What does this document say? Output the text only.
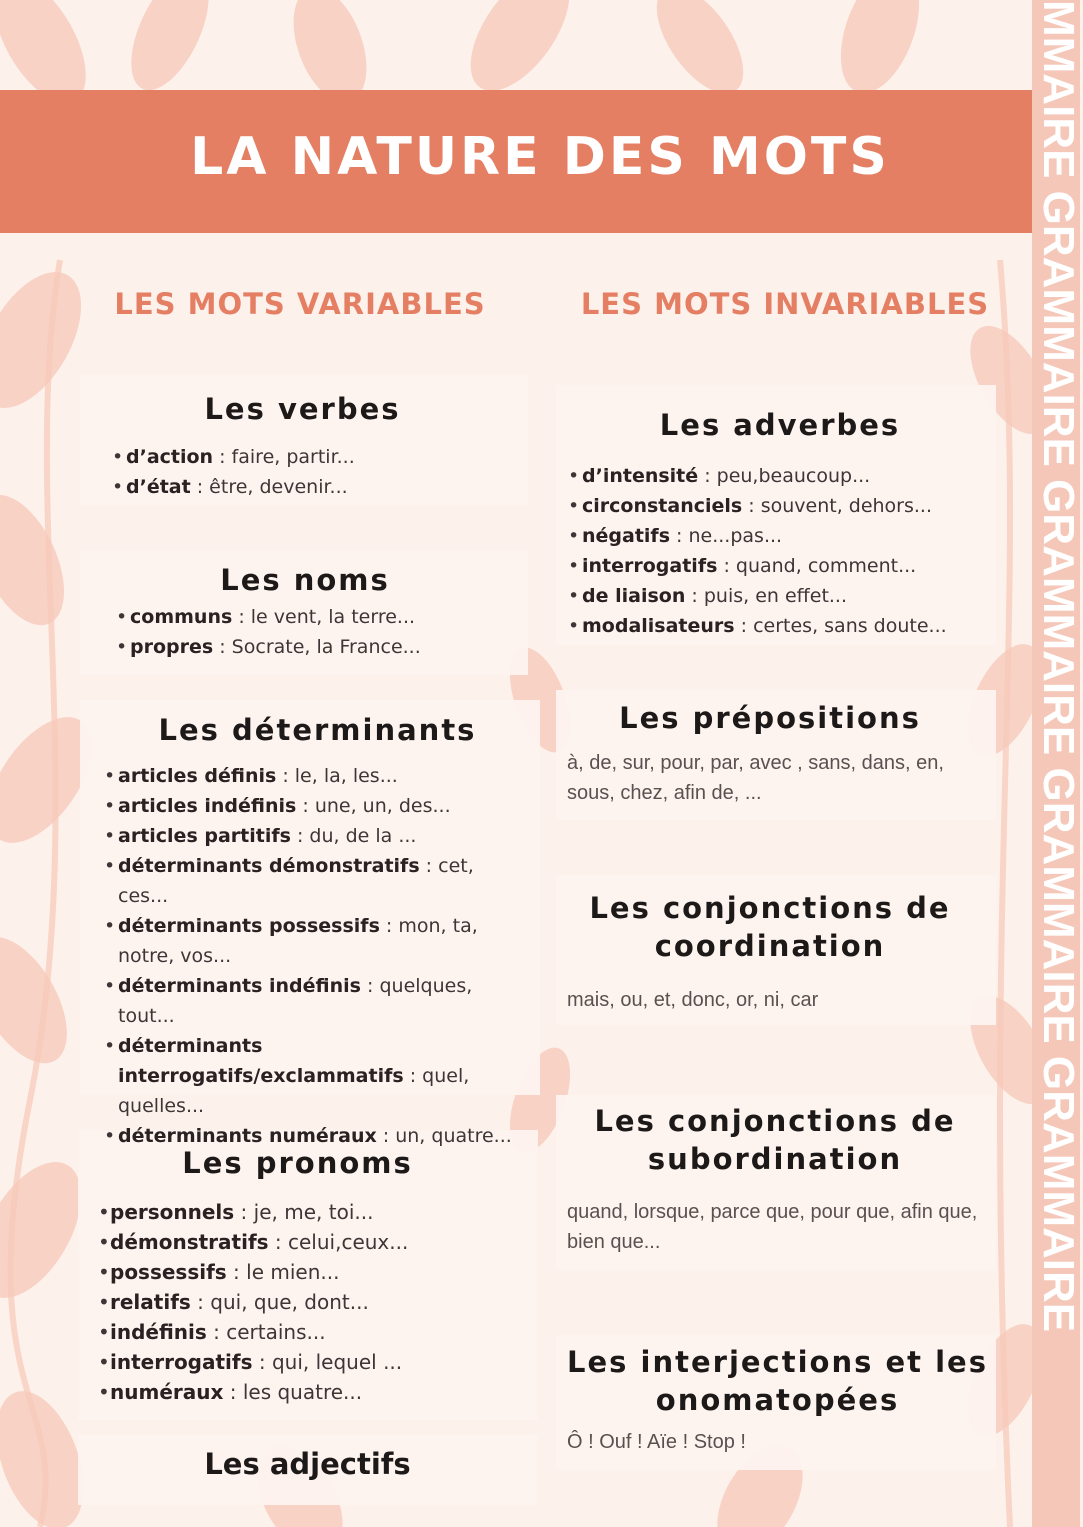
MMAIRE GRAMMAIRE GRAMMAIRE GRAMMAIRE GRAMMAIRE
LA NATURE DES MOTS
LES MOTS VARIABLES	LES MOTS INVARIABLES
Les verbes
• d’action : faire, partir...
• d’état : être, devenir...
Les noms
• communs : le vent, la terre...
• propres : Socrate, la France...
Les déterminants
• articles définis : le, la, les...
• articles indéfinis : une, un, des...
• articles partitifs : du, de la ...
• déterminants démonstratifs : cet, ces...
• déterminants possessifs : mon, ta, notre, vos...
• déterminants indéfinis : quelques, tout...
• déterminants interrogatifs/exclammatifs : quel, quelles...
• déterminants numéraux : un, quatre...
Les pronoms
• personnels : je, me, toi...
• démonstratifs : celui,ceux...
• possessifs : le mien...
• relatifs : qui, que, dont...
• indéfinis : certains...
• interrogatifs : qui, lequel ...
• numéraux : les quatre...
Les adjectifs
Les adverbes
• d’intensité : peu,beaucoup...
• circonstanciels : souvent, dehors...
• négatifs : ne...pas...
• interrogatifs : quand, comment...
• de liaison : puis, en effet...
• modalisateurs : certes, sans doute...
Les prépositions
à, de, sur, pour, par, avec , sans, dans, en, sous, chez, afin de, ...
Les conjonctions de
coordination
mais, ou, et, donc, or, ni, car
Les conjonctions de
subordination
quand, lorsque, parce que, pour que, afin que, bien que...
Les interjections et les
onomatopées
Ô ! Ouf ! Aïe ! Stop !
